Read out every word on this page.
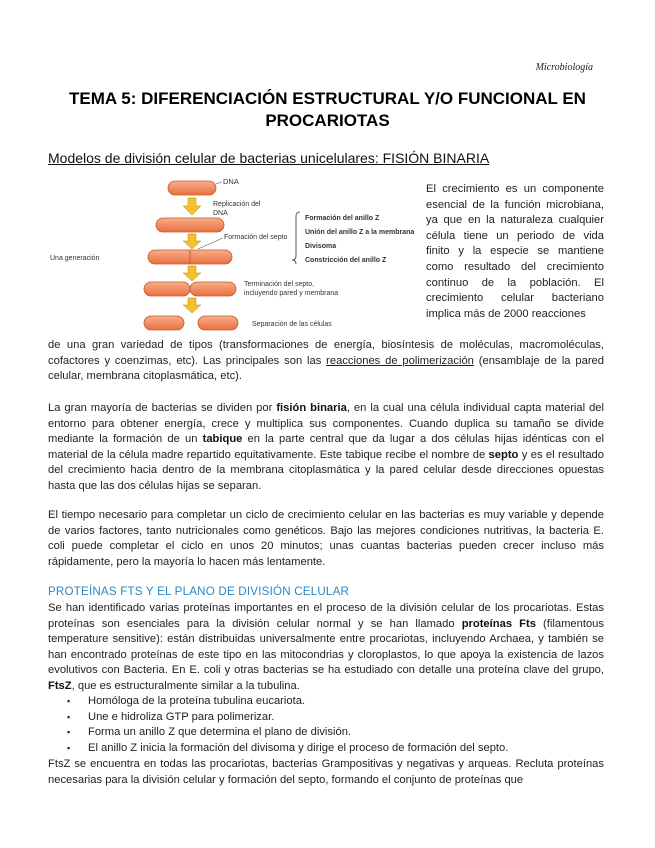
Microbiología
TEMA 5: DIFERENCIACIÓN ESTRUCTURAL Y/O FUNCIONAL EN
PROCARIOTAS
Modelos de división celular de bacterias unicelulares: FISIÓN BINARIA
DNA
Replicación del
DNA
Formación del septo
Una generación
Formación del anillo Z
Unión del anillo Z a la membrana
Divisoma
Constricción del anillo Z
Terminación del septo,
incluyendo pared y membrana
Separación de las células
El crecimiento es un componente esencial de la función microbiana, ya que en la naturaleza cualquier célula tiene un periodo de vida finito y la especie se mantiene como resultado del crecimiento continuo de la población. El crecimiento celular bacteriano implica más de 2000 reacciones

de una gran variedad de tipos (transformaciones de energía, biosíntesis de moléculas, macromoléculas, cofactores y coenzimas, etc). Las principales son las reacciones de polimerización (ensamblaje de la pared celular, membrana citoplasmática, etc).

La gran mayoría de bacterias se dividen por fisión binaria, en la cual una célula individual capta material del entorno para obtener energía, crece y multiplica sus componentes. Cuando duplica su tamaño se divide mediante la formación de un tabique en la parte central que da lugar a dos células hijas idénticas con el material de la célula madre repartido equitativamente. Este tabique recibe el nombre de septo y es el resultado del crecimiento hacia dentro de la membrana citoplasmática y la pared celular desde direcciones opuestas hasta que las dos células hijas se separan.

El tiempo necesario para completar un ciclo de crecimiento celular en las bacterias es muy variable y depende de varios factores, tanto nutricionales como genéticos. Bajo las mejores condiciones nutritivas, la bacteria E. coli puede completar el ciclo en unos 20 minutos; unas cuantas bacterias pueden crecer incluso más rápidamente, pero la mayoría lo hacen más lentamente.

PROTEÍNAS FTS Y EL PLANO DE DIVISIÓN CELULAR

Se han identificado varias proteínas importantes en el proceso de la división celular de los procariotas. Estas proteínas son esenciales para la división celular normal y se han llamado proteínas Fts (filamentous temperature sensitive): están distribuidas universalmente entre procariotas, incluyendo Archaea, y también se han encontrado proteínas de este tipo en las mitocondrias y cloroplastos, lo que apoya la existencia de lazos evolutivos con Bacteria. En E. coli y otras bacterias se ha estudiado con detalle una proteína clave del grupo, FtsZ, que es estructuralmente similar a la tubulina.

▪ Homóloga de la proteína tubulina eucariota.
▪ Une e hidroliza GTP para polimerizar.
▪ Forma un anillo Z que determina el plano de división.
▪ El anillo Z inicia la formación del divisoma y dirige el proceso de formación del septo.

FtsZ se encuentra en todas las procariotas, bacterias Grampositivas y negativas y arqueas. Recluta proteínas necesarias para la división celular y formación del septo, formando el conjunto de proteínas que
